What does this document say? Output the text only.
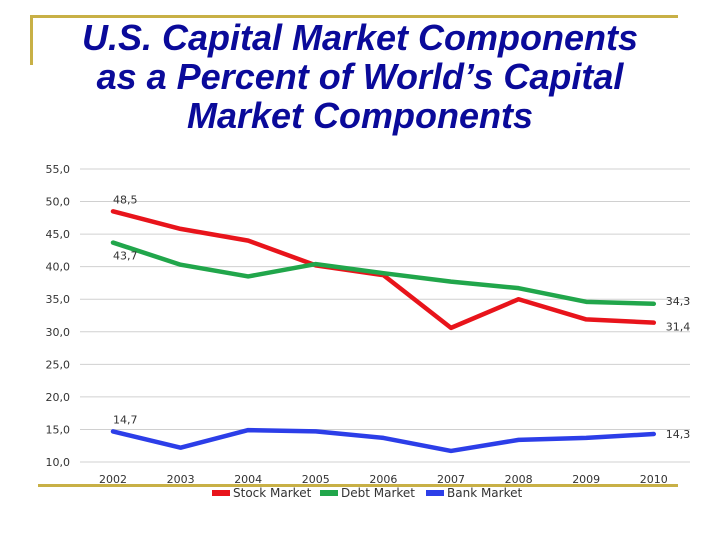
55,0
50,0
45,0
40,0
35,0
30,0
25,0
20,0
15,0
10,0
2002	2003	2004	2005	2006	2007	2008	2009	2010
48,5
43,7
14,7
34,3
31,4
14,3
Stock Market Debt Market	Bank Market
U.S. Capital Market Components as a Percent of World’s Capital Market Components
